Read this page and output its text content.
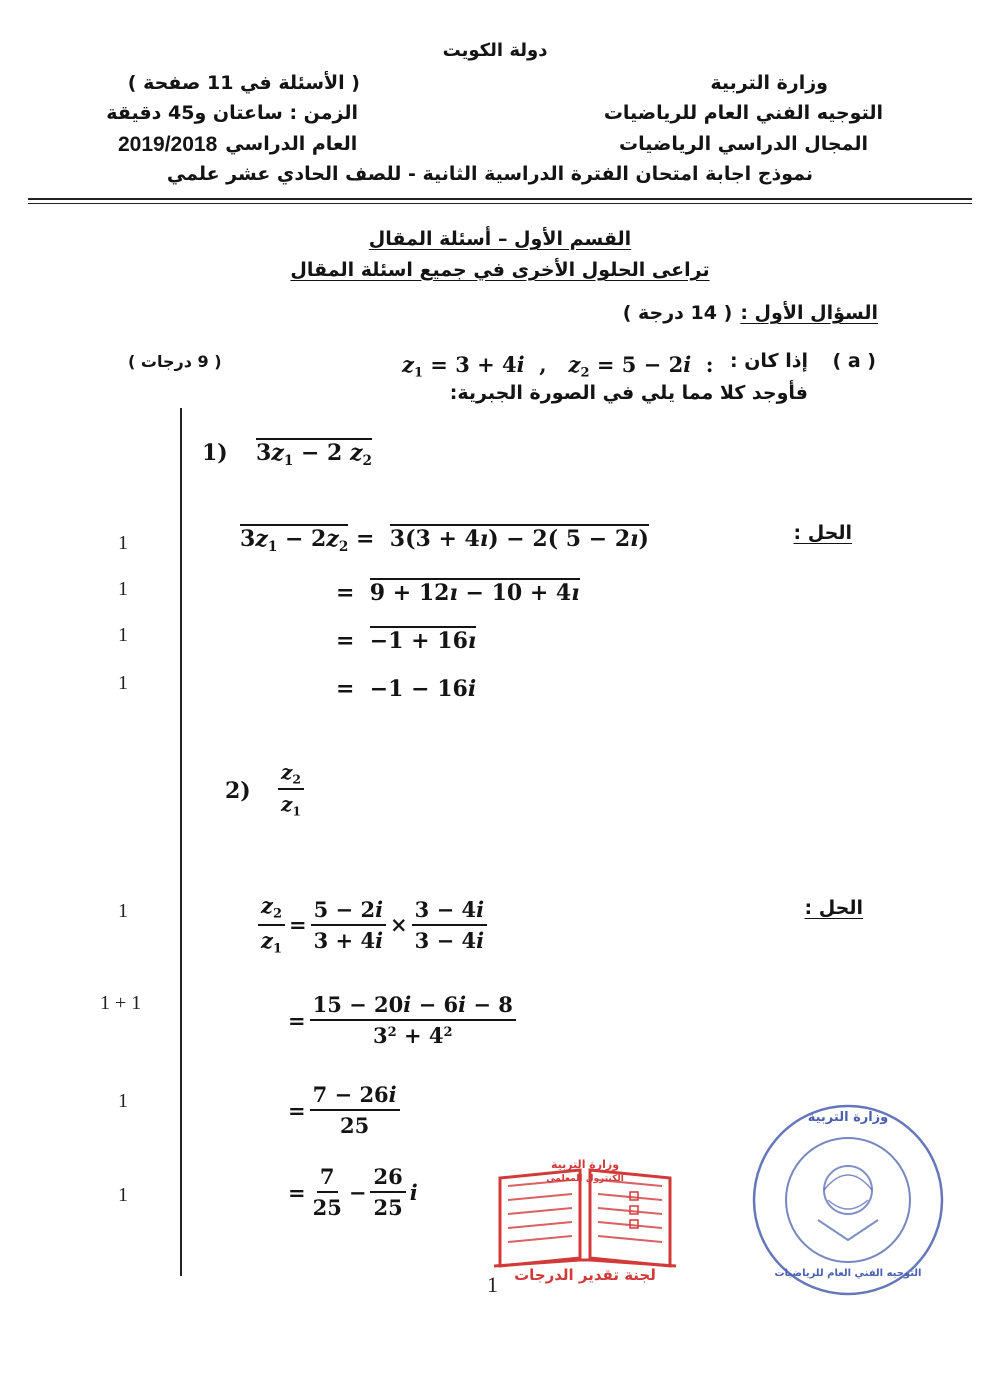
دولة الكويت
وزارة التربية
التوجيه الفني العام للرياضيات
المجال الدراسي الرياضيات
( الأسئلة في 11 صفحة )
الزمن : ساعتان و45 دقيقة
العام الدراسي
2019/2018
نموذج اجابة امتحان الفترة الدراسية الثانية - للصف الحادي عشر علمي
القسم الأول – أسئلة المقال
تراعى الحلول الأخرى في جميع اسئلة المقال
السؤال الأول :
( 14 درجة )
( 9 درجات )	( a )
إذا كان :
$z_1 = 3 + 4i$  ,   $z_2 = 5 - 2i$  :
فأوجد كلا مما يلي في الصورة الجبرية:
1) $3z_1 - 2$ $z_2$
الحل :
$3z_1 - 2z_2 = 3(3$ + 4ı) − 2( 5 − 2ı)
=  9 + 12ı − 10 + 4ı
=  −1 + 16ı
=  −1 − 16i
1
1
1
1
$2) \frac{z_2}{z_1}$
الحل :
$\frac{z_2}{z_1} = \frac{5 - 2i}{3 + 4i} \times \frac{3 - 4i}{3 - 4i}$
= $\frac{15 - 20i - 6i - 8}{3^2 + 4^2}$
= $\frac{7 - 26i}{25}$
= $\frac{7}{25} - \frac{26}{25}$ i
1
1 + 1
1
1
وزارة التربية
الكنترول المعلمي
لجنة تقدير الدرجات
وزارة التربية
التوجيه الفني العام للرياضيات
1
